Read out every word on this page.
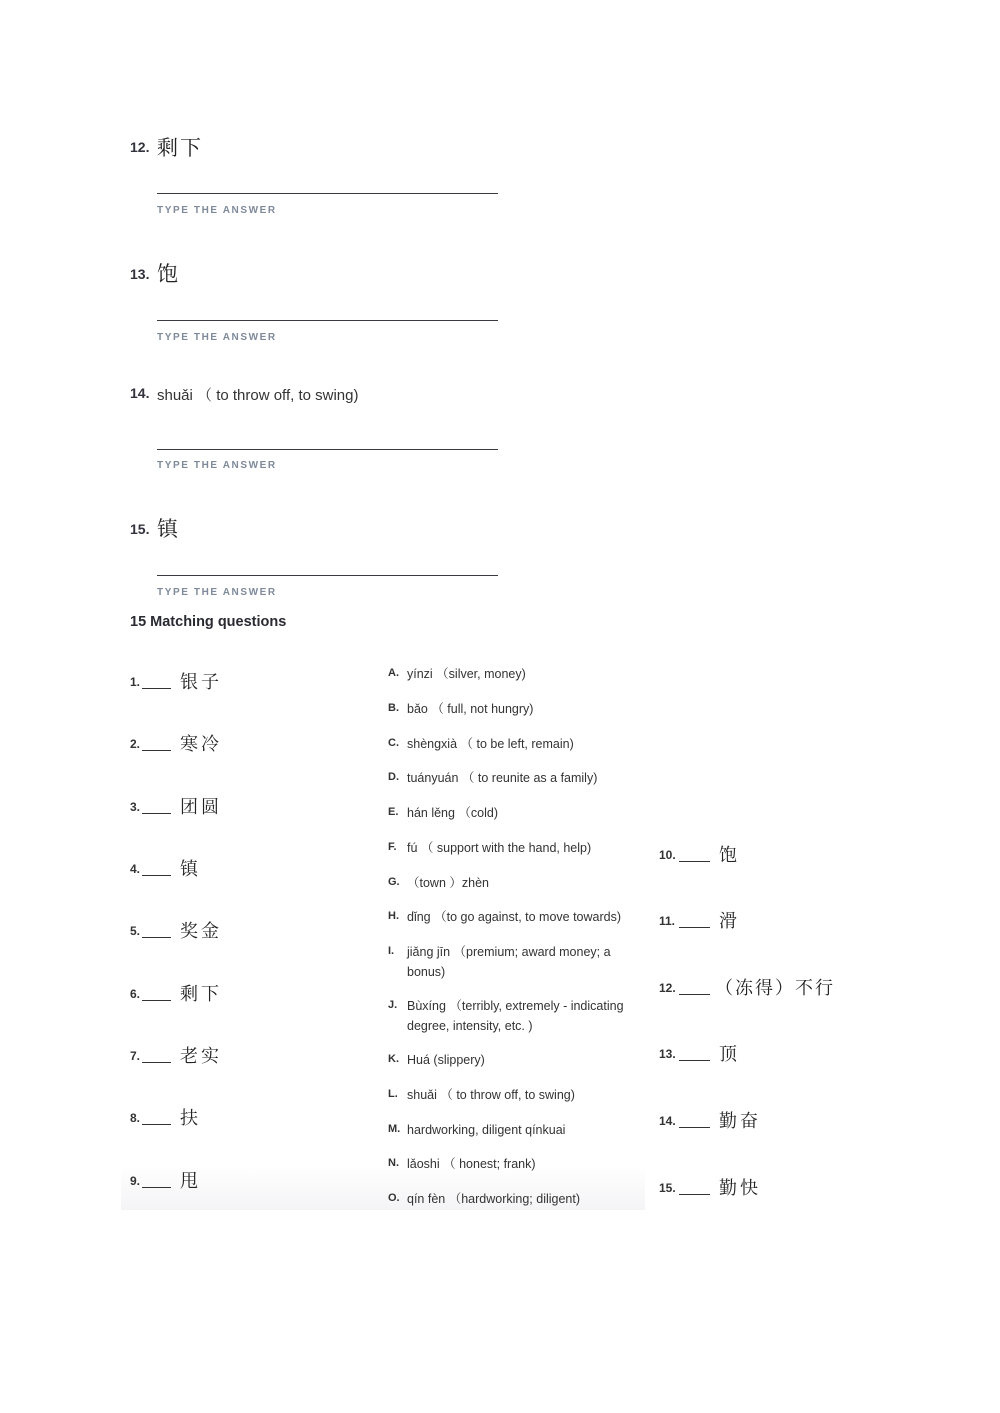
12. 剩下
TYPE THE ANSWER
13. 饱
TYPE THE ANSWER
14. shuǎi （ to throw off, to swing)
TYPE THE ANSWER
15. 镇
TYPE THE ANSWER
15 Matching questions
1. 银子
2. 寒冷
3. 团圆
4. 镇
5. 奖金
6. 剩下
7. 老实
8. 扶
9. 甩
A. yínzi （silver, money)
B. bǎo （ full, not hungry)
C. shèngxià （ to be left, remain)
D. tuányuán （ to reunite as a family)
E. hán lěng （cold)
F. fú （ support with the hand, help)
G. （town ）zhèn
H. dǐng （to go against, to move towards)
I. jiǎng jīn （premium; award money; a bonus)
J. Bùxíng （terribly, extremely - indicating degree, intensity, etc. )
K. Huá (slippery)
L. shuǎi （ to throw off, to swing)
M. hardworking, diligent qínkuai
N. lǎoshi （ honest; frank)
O. qín fèn （hardworking; diligent)
10. 饱
11. 滑
12. （冻得）不行
13. 顶
14. 勤奋
15. 勤快
